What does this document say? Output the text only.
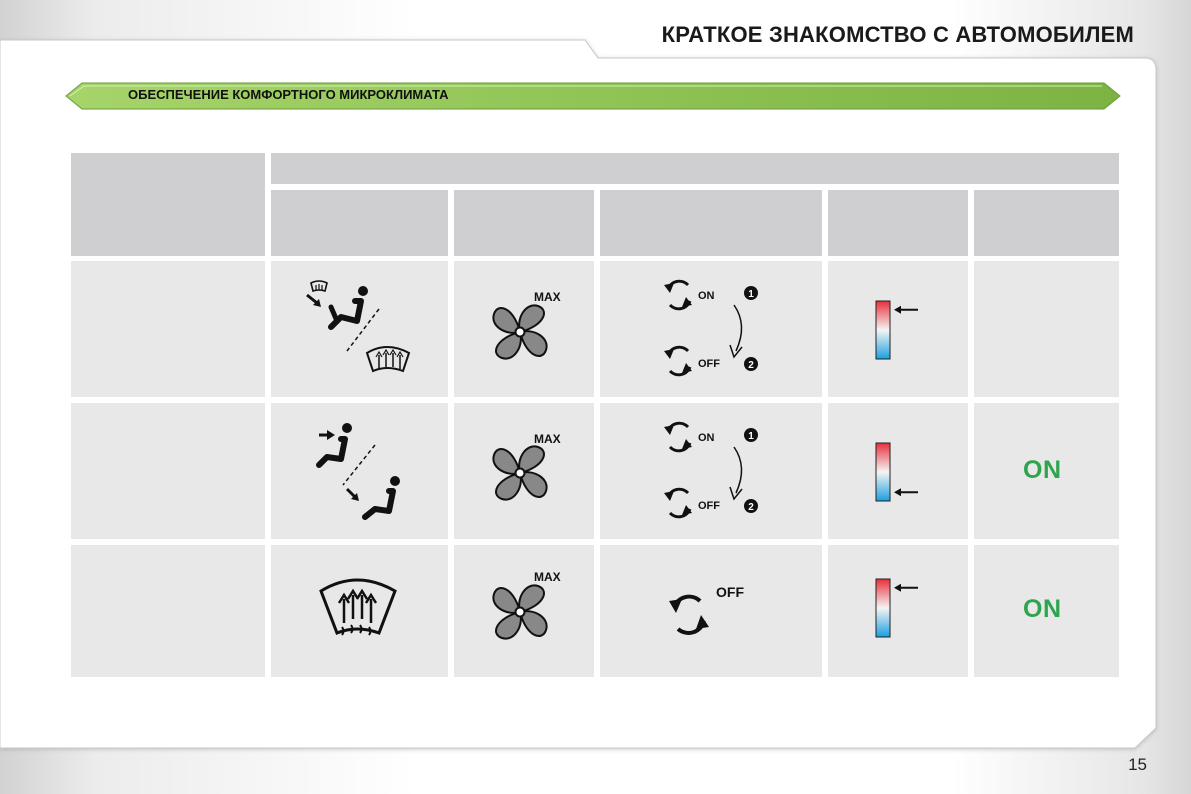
КРАТКОЕ ЗНАКОМСТВО С АВТОМОБИЛЕМ
ОБЕСПЕЧЕНИЕ КОМФОРТНОГО МИКРОКЛИМАТА
15
MAX	ON
OFF
1
2
MAX	ON
OFF
1
2
ON
MAX
OFF
ON
